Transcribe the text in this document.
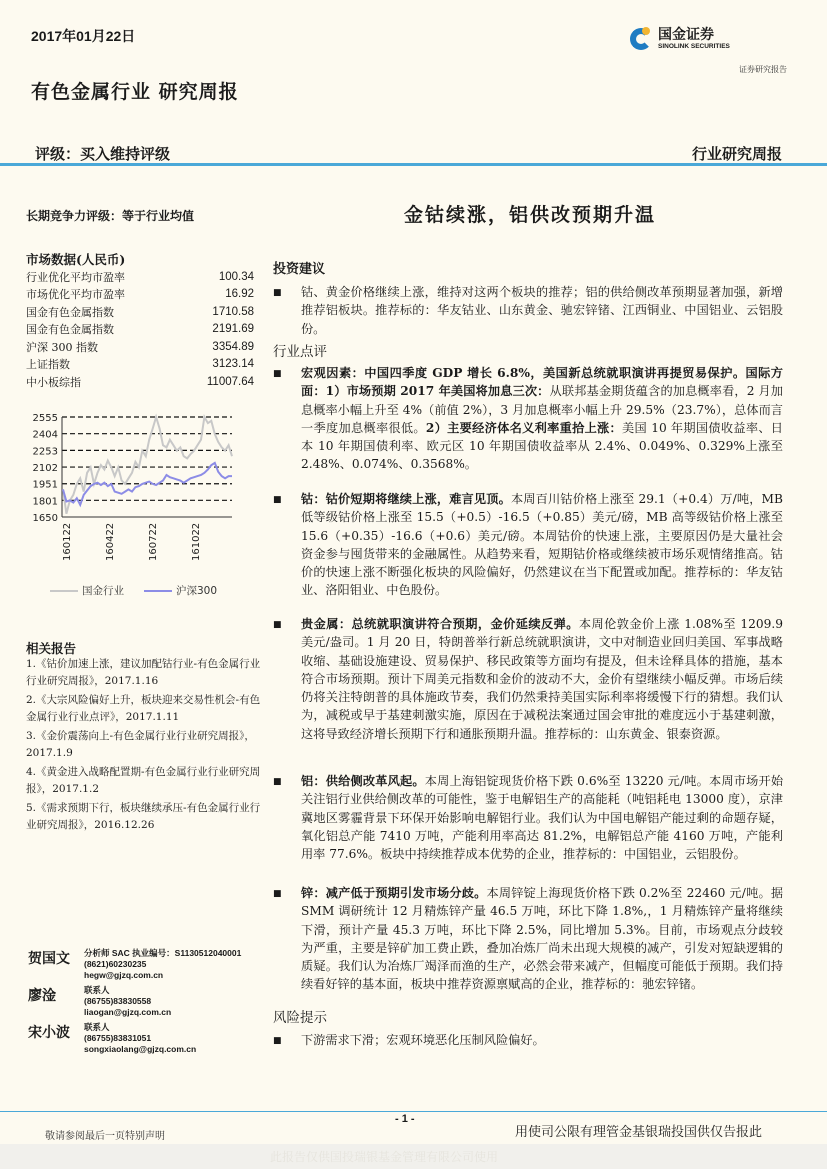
2017年01月22日
有色金属行业 研究周报
国金证券
SINOLINK SECURITIES
证券研究报告
评级：买入维持评级	行业研究周报
长期竞争力评级：等于行业均值
市场数据(人民币)
行业优化平均市盈率	100.34
市场优化平均市盈率	16.92
国金有色金属指数	1710.58
国金有色金属指数	2191.69
沪深 300 指数	3354.89
上证指数	3123.14
中小板综指	11007.64
1650
1801
1951
2102
2253
2404
2555
160122	160422	160722	161022
国金行业	沪深300
相关报告
1.《钴价加速上涨，建议加配钴行业-有色金属行业行业研究周报》，2017.1.16
2.《大宗风险偏好上升，板块迎来交易性机会-有色金属行业行业点评》，2017.1.11
3.《金价震荡向上-有色金属行业行业研究周报》，2017.1.9
4.《黄金进入战略配置期-有色金属行业行业研究周报》，2017.1.2
5.《需求预期下行，板块继续承压-有色金属行业行业研究周报》，2016.12.26
贺国文	分析师 SAC 执业编号：S1130512040001
(8621)60230235
hegw@gjzq.com.cn
廖淦	联系人
(86755)83830558
liaogan@gjzq.com.cn
宋小波	联系人
(86755)83831051
songxiaolang@gjzq.com.cn
金钴续涨，铝供改预期升温
投资建议
■	钴、黄金价格继续上涨，维持对这两个板块的推荐；铝的供给侧改革预期显著加强，新增推荐铝板块。推荐标的：华友钴业、山东黄金、驰宏锌锗、江西铜业、中国铝业、云铝股份。
行业点评
■	宏观因素：中国四季度 GDP 增长 6.8%，美国新总统就职演讲再提贸易保护。国际方面：1）市场预期 2017 年美国将加息三次：从联邦基金期货蕴含的加息概率看，2 月加息概率小幅上升至 4%（前值 2%），3 月加息概率小幅上升 29.5%（23.7%），总体而言一季度加息概率很低。2）主要经济体名义利率重拾上涨：美国 10 年期国债收益率、日本 10 年期国债利率、欧元区 10 年期国债收益率从 2.4%、0.049%、0.329%上涨至 2.48%、0.074%、0.3568%。
■	钴：钴价短期将继续上涨，难言见顶。本周百川钴价格上涨至 29.1（+0.4）万/吨，MB 低等级钴价格上涨至 15.5（+0.5）-16.5（+0.85）美元/磅，MB 高等级钴价格上涨至 15.6（+0.35）-16.6（+0.6）美元/磅。本周钴价的快速上涨，主要原因仍是大量社会资金参与囤货带来的金融属性。从趋势来看，短期钴价格或继续被市场乐观情绪推高。钴价的快速上涨不断强化板块的风险偏好，仍然建议在当下配置或加配。推荐标的：华友钴业、洛阳钼业、中色股份。
■	贵金属：总统就职演讲符合预期，金价延续反弹。本周伦敦金价上涨 1.08%至 1209.9 美元/盎司。1 月 20 日，特朗普举行新总统就职演讲，文中对制造业回归美国、军事战略收缩、基础设施建设、贸易保护、移民政策等方面均有提及，但未诠释具体的措施，基本符合市场预期。预计下周美元指数和金价的波动不大，金价有望继续小幅反弹。市场后续仍将关注特朗普的具体施政节奏，我们仍然秉持美国实际利率将缓慢下行的猜想。我们认为，减税或早于基建刺激实施，原因在于减税法案通过国会审批的难度远小于基建刺激，这将导致经济增长预期下行和通胀预期升温。推荐标的：山东黄金、银泰资源。
■	铝：供给侧改革风起。本周上海铝锭现货价格下跌 0.6%至 13220 元/吨。本周市场开始关注铝行业供给侧改革的可能性，鉴于电解铝生产的高能耗（吨铝耗电 13000 度），京津冀地区雾霾背景下环保开始影响电解铝行业。我们认为中国电解铝产能过剩的命题存疑，氧化铝总产能 7410 万吨，产能利用率高达 81.2%，电解铝总产能 4160 万吨，产能利用率 77.6%。板块中持续推荐成本优势的企业，推荐标的：中国铝业，云铝股份。
■	锌：减产低于预期引发市场分歧。本周锌锭上海现货价格下跌 0.2%至 22460 元/吨。据 SMM 调研统计 12 月精炼锌产量 46.5 万吨，环比下降 1.8%,，1 月精炼锌产量将继续下滑，预计产量 45.3 万吨，环比下降 2.5%，同比增加 5.3%。目前，市场观点分歧较为严重，主要是锌矿加工费止跌，叠加冶炼厂尚未出现大规模的减产，引发对短缺逻辑的质疑。我们认为冶炼厂竭泽而渔的生产，必然会带来减产，但幅度可能低于预期。我们持续看好锌的基本面，板块中推荐资源禀赋高的企业，推荐标的：驰宏锌锗。
风险提示
■	下游需求下滑；宏观环境恶化压制风险偏好。
- 1 -
敬请参阅最后一页特别声明	用使司公限有理管金基银瑞投国供仅告报此
此报告仅供国投瑞银基金管理有限公司使用
